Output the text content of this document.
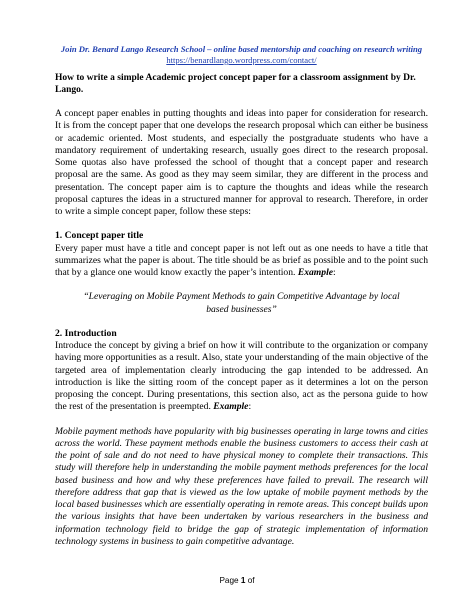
Join Dr. Benard Lango Research School – online based mentorship and coaching on research writing
https://benardlango.wordpress.com/contact/
How to write a simple Academic project concept paper for a classroom assignment by Dr. Lango.

A concept paper enables in putting thoughts and ideas into paper for consideration for research. It is from the concept paper that one develops the research proposal which can either be business or academic oriented. Most students, and especially the postgraduate students who have a mandatory requirement of undertaking research, usually goes direct to the research proposal. Some quotas also have professed the school of thought that a concept paper and research proposal are the same. As good as they may seem similar, they are different in the process and presentation. The concept paper aim is to capture the thoughts and ideas while the research proposal captures the ideas in a structured manner for approval to research. Therefore, in order to write a simple concept paper, follow these steps:

1. Concept paper title

Every paper must have a title and concept paper is not left out as one needs to have a title that summarizes what the paper is about. The title should be as brief as possible and to the point such that by a glance one would know exactly the paper’s intention. Example:

“Leveraging on Mobile Payment Methods to gain Competitive Advantage by local based businesses”

2. Introduction

Introduce the concept by giving a brief on how it will contribute to the organization or company having more opportunities as a result. Also, state your understanding of the main objective of the targeted area of implementation clearly introducing the gap intended to be addressed. An introduction is like the sitting room of the concept paper as it determines a lot on the person proposing the concept. During presentations, this section also, act as the persona guide to how the rest of the presentation is preempted. Example:

Mobile payment methods have popularity with big businesses operating in large towns and cities across the world. These payment methods enable the business customers to access their cash at the point of sale and do not need to have physical money to complete their transactions. This study will therefore help in understanding the mobile payment methods preferences for the local based business and how and why these preferences have failed to prevail. The research will therefore address that gap that is viewed as the low uptake of mobile payment methods by the local based businesses which are essentially operating in remote areas. This concept builds upon the various insights that have been undertaken by various researchers in the business and information technology field to bridge the gap of strategic implementation of information technology systems in business to gain competitive advantage.

Page 1 of
